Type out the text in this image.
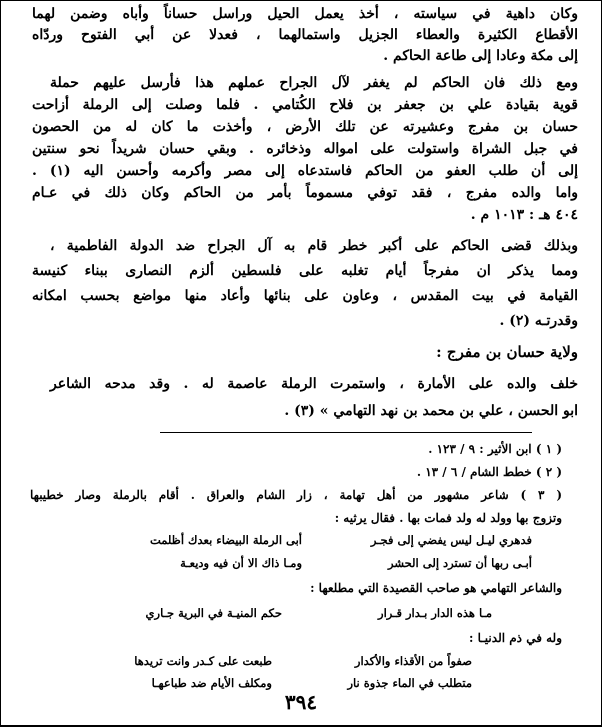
وكان داهية في سياسته ، أخذ يعمل الحيل وراسل حساناً وأباه وضمن لهما
الأقطاع الكثيرة والعطاء الجزيل واستمالهما ، فعدلا عن أبي الفتوح وردّاه
إلى مكة وعادا إلى طاعة الحاكم .
ومع ذلك فان الحاكم لم يغفر لآل الجراح عملهم هذا فأرسل عليهم حملة
قوية بقيادة علي بن جعفر بن فلاح الكُتامي . فلما وصلت إلى الرملة أزاحت
حسان بن مفرج وعشيرته عن تلك الأرض ، وأخذت ما كان له من الحصون
في جبل الشراة واستولت على امواله وذخائره . وبقي حسان شريداً نحو سنتين
إلى أن طلب العفو من الحاكم فاستدعاه إلى مصر وأكرمه وأحسن اليه (١) .
واما والده مفرج ، فقد توفي مسموماً بأمر من الحاكم وكان ذلك في عـام
٤٠٤ هـ : ١٠١٣ م .
وبذلك قضى الحاكم على أكبر خطر قام به آل الجراح ضد الدولة الفاطمية ،
ومما يذكر ان مفرجاً أيام تغلبه على فلسطين ألزم النصارى ببناء كنيسة
القيامة في بيت المقدس ، وعاون على بنائها وأعاد منها مواضع بحسب امكانه
وقدرتـه (٢) .
ولاية حسان بن مفرج :
خلف والده على الأمارة ، واستمرت الرملة عاصمة له . وقد مدحه الشاعر
ابو الحسن ، علي بن محمد بن نهد التهامي » (٣) .
( ١ ) ابن الأثير : ٩ / ١٢٣ .
( ٢ ) خطط الشام / ٦ / ١٣ .
( ٣ ) شاعر مشهور من أهل تهامة ، زار الشام والعراق . أقام بالرملة وصار خطيبها
وتزوج بها وولد له ولد فمات بها . فقال يرثيه :
أبى الرملة البيضاء بعدك أظلمت	فدهري ليـل ليس يفضي إلى فجـر
ومـا ذاك الا أن فيه وديعـة	أبـى ربها أن تسترد إلى الحشر
والشاعر التهامي هو صاحب القصيدة التي مطلعها :
حكم المنيـة في البرية جـاري	مـا هذه الدار بـدار قـرار
وله في ذم الدنيـا :
طبعت على كـدر وانت تريدها	صفواً من الأقذاء والأكدار
ومكلف الأيام ضد طباعهـا	متطلب في الماء جذوة نار
٣٩٤
